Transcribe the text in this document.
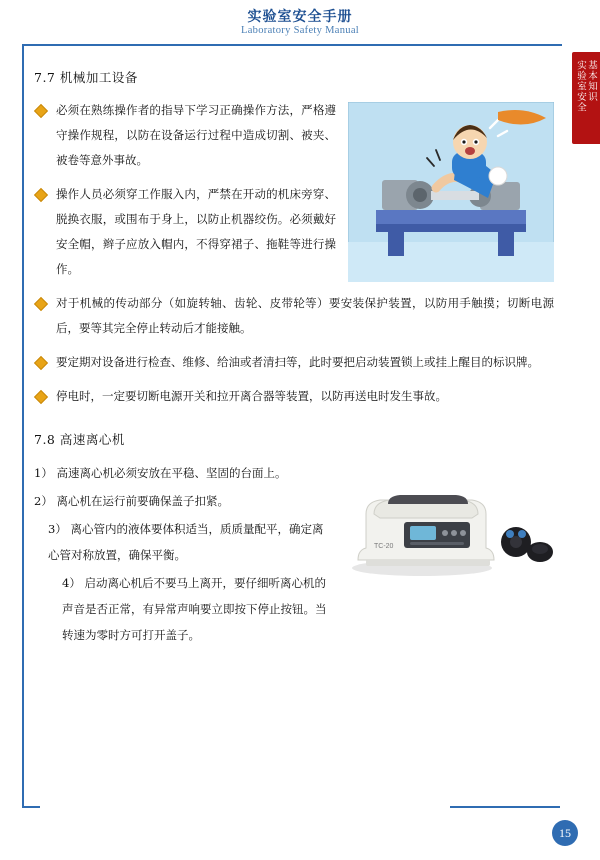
实验室安全手册
Laboratory Safety Manual
基本知识
实验室安全
7.7 机械加工设备
必须在熟练操作者的指导下学习正确操作方法，严格遵守操作规程，以防在设备运行过程中造成切割、被夹、被卷等意外事故。
操作人员必须穿工作服入内，严禁在开动的机床旁穿、脱换衣服，或围布于身上，以防止机器绞伤。必须戴好安全帽，辫子应放入帽内，不得穿裙子、拖鞋等进行操作。
对于机械的传动部分（如旋转轴、齿轮、皮带轮等）要安装保护装置，以防用手触摸；切断电源后，要等其完全停止转动后才能接触。
要定期对设备进行检查、维修、给油或者清扫等，此时要把启动装置锁上或挂上醒目的标识牌。
停电时，一定要切断电源开关和拉开离合器等装置，以防再送电时发生事故。
7.8 高速离心机
TC-20
1） 高速离心机必须安放在平稳、坚固的台面上。
2） 离心机在运行前要确保盖子扣紧。
3） 离心管内的液体要体积适当，质质量配平，确定离心管对称放置，确保平衡。
4） 启动离心机后不要马上离开，要仔细听离心机的声音是否正常，有异常声响要立即按下停止按钮。当转速为零时方可打开盖子。
15
